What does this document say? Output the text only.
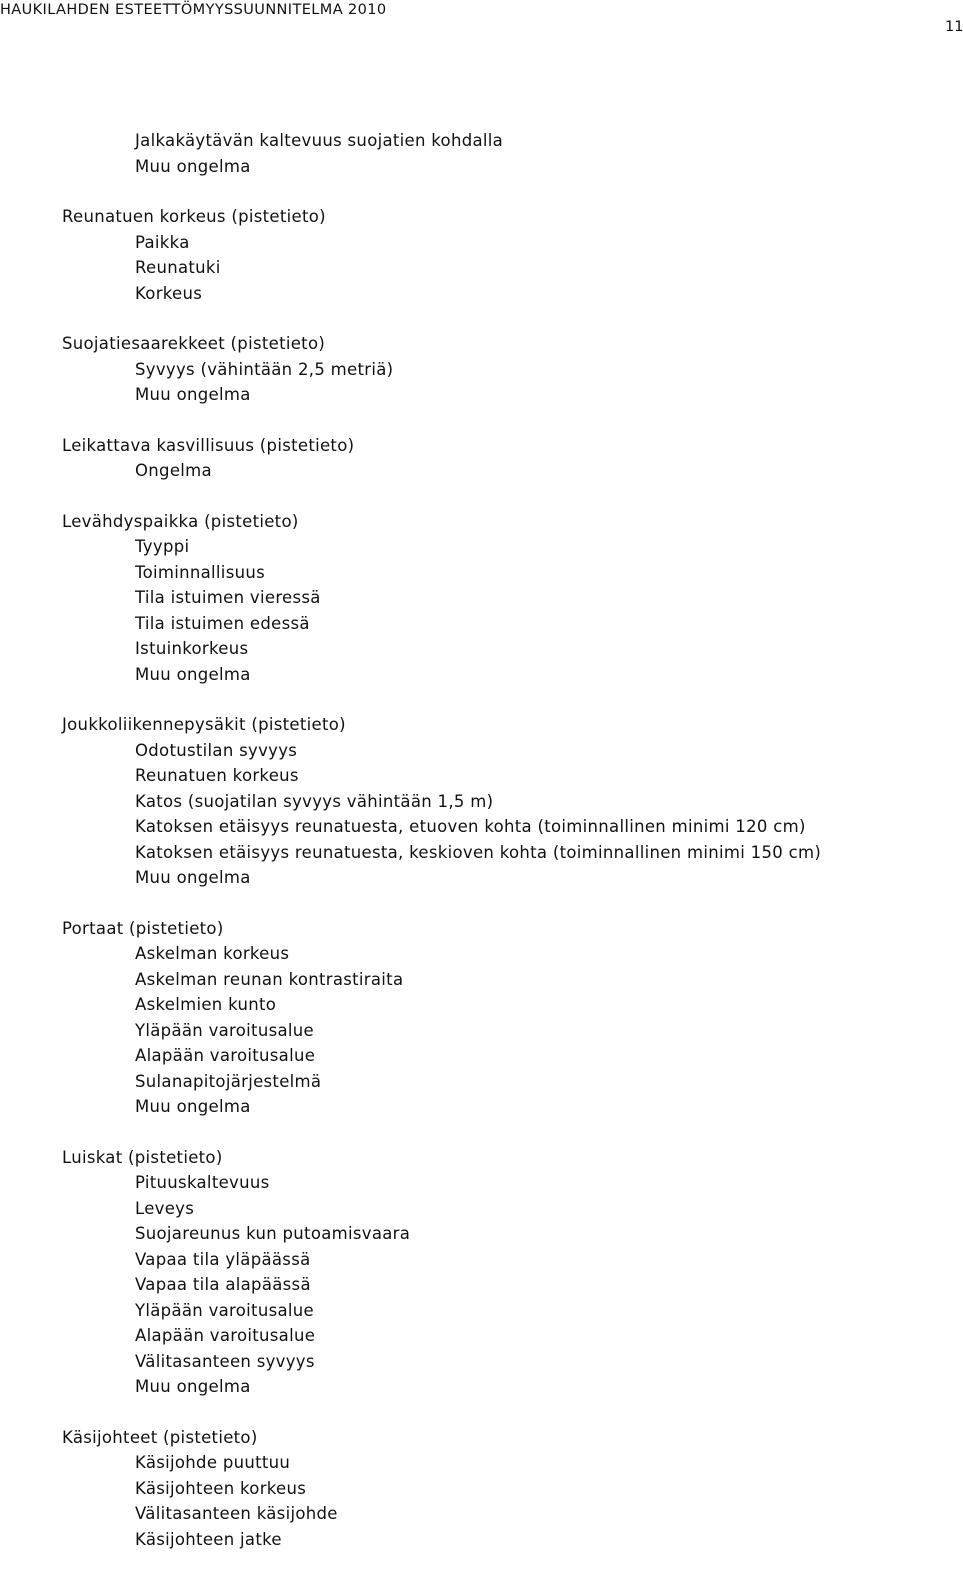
HAUKILAHDEN ESTEETTÖMYYSSUUNNITELMA 2010
11
Jalkakäytävän kaltevuus suojatien kohdalla
Muu ongelma
Reunatuen korkeus (pistetieto)
Paikka
Reunatuki
Korkeus
Suojatiesaarekkeet (pistetieto)
Syvyys (vähintään 2,5 metriä)
Muu ongelma
Leikattava kasvillisuus (pistetieto)
Ongelma
Levähdyspaikka (pistetieto)
Tyyppi
Toiminnallisuus
Tila istuimen vieressä
Tila istuimen edessä
Istuinkorkeus
Muu ongelma
Joukkoliikennepysäkit (pistetieto)
Odotustilan syvyys
Reunatuen korkeus
Katos (suojatilan syvyys vähintään 1,5 m)
Katoksen etäisyys reunatuesta, etuoven kohta (toiminnallinen minimi 120 cm)
Katoksen etäisyys reunatuesta, keskioven kohta (toiminnallinen minimi 150 cm)
Muu ongelma
Portaat (pistetieto)
Askelman korkeus
Askelman reunan kontrastiraita
Askelmien kunto
Yläpään varoitusalue
Alapään varoitusalue
Sulanapitojärjestelmä
Muu ongelma
Luiskat (pistetieto)
Pituuskaltevuus
Leveys
Suojareunus kun putoamisvaara
Vapaa tila yläpäässä
Vapaa tila alapäässä
Yläpään varoitusalue
Alapään varoitusalue
Välitasanteen syvyys
Muu ongelma
Käsijohteet (pistetieto)
Käsijohde puuttuu
Käsijohteen korkeus
Välitasanteen käsijohde
Käsijohteen jatke
